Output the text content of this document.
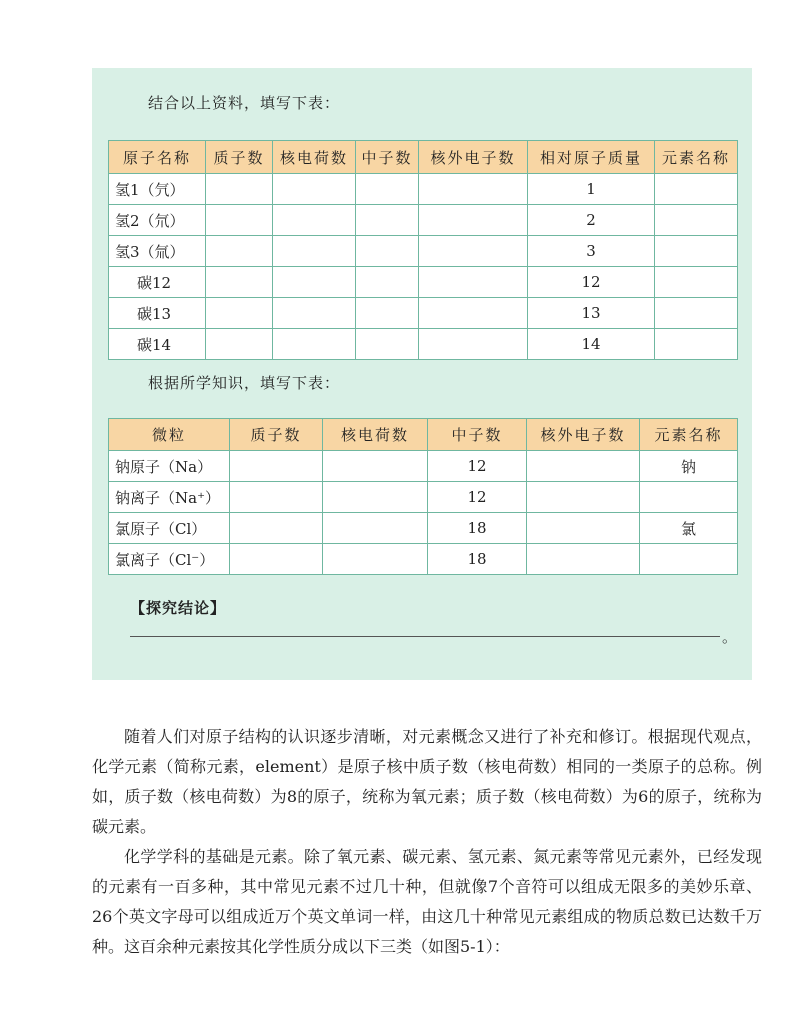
结合以上资料，填写下表：
原子名称	质子数	核电荷数	中子数	核外电子数	相对原子质量	元素名称
氢1（氕）					1	
氢2（氘）					2	
氢3（氚）					3	
碳12					12	
碳13					13	
碳14					14	
根据所学知识，填写下表：
微粒	质子数	核电荷数	中子数	核外电子数	元素名称
钠原子（Na）			12		钠
钠离子（Na⁺）			12		
氯原子（Cl）			18		氯
氯离子（Cl⁻）			18		
【探究结论】
。

随着人们对原子结构的认识逐步清晰，对元素概念又进行了补充和修订。根据现代观点，化学元素（简称元素，element）是原子核中质子数（核电荷数）相同的一类原子的总称。例如，质子数（核电荷数）为8的原子，统称为氧元素；质子数（核电荷数）为6的原子，统称为碳元素。

化学学科的基础是元素。除了氧元素、碳元素、氢元素、氮元素等常见元素外，已经发现的元素有一百多种，其中常见元素不过几十种，但就像7个音符可以组成无限多的美妙乐章、26个英文字母可以组成近万个英文单词一样，由这几十种常见元素组成的物质总数已达数千万种。这百余种元素按其化学性质分成以下三类（如图5-1）：
